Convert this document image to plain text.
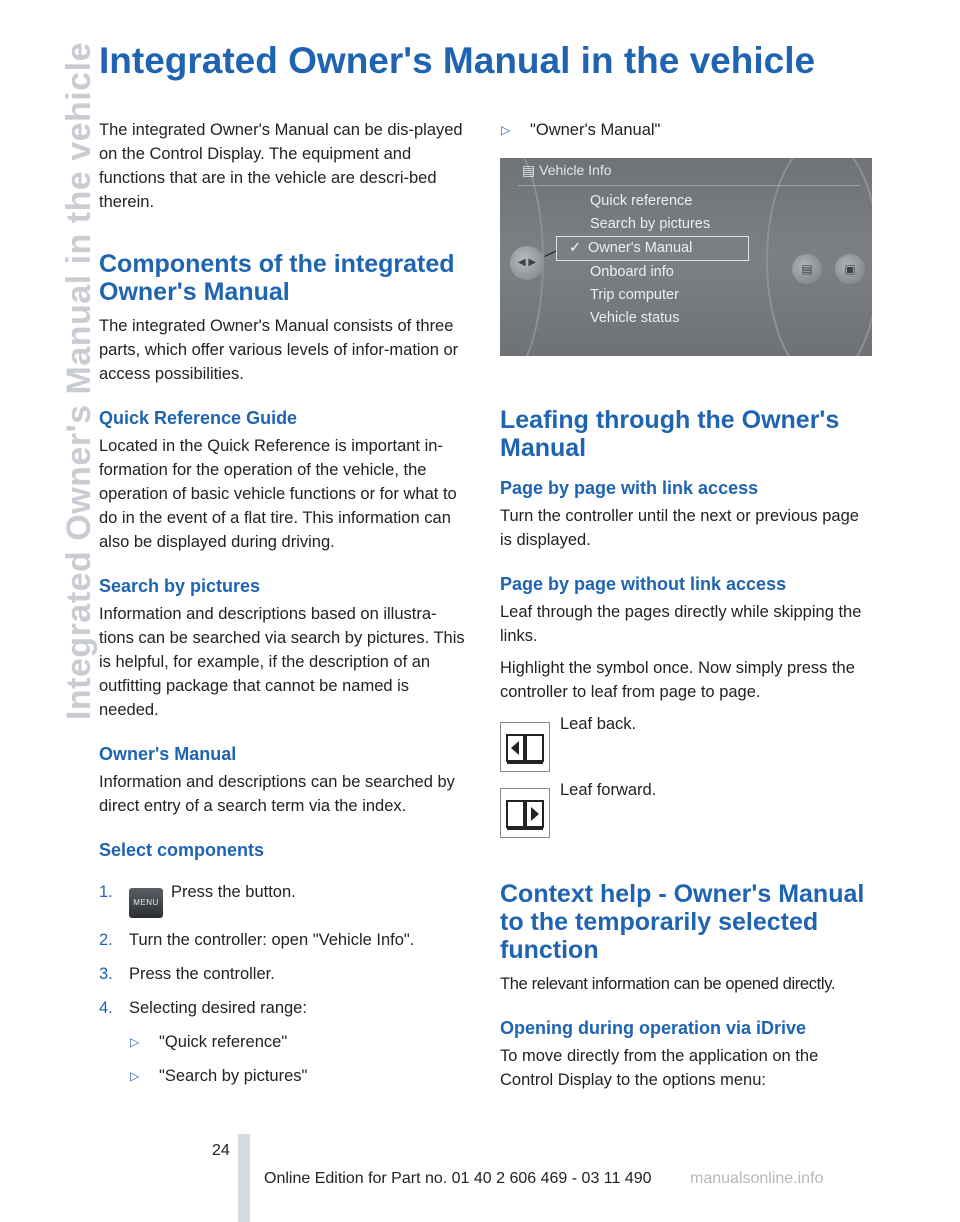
Integrated Owner's Manual in the vehicle Integrated Owner's Manual in the vehicle

The integrated Owner's Manual can be dis-played on the Control Display. The equipment and functions that are in the vehicle are descri-bed therein.

Components of the integrated Owner's Manual

The integrated Owner's Manual consists of three parts, which offer various levels of infor-mation or access possibilities.

Quick Reference Guide

Located in the Quick Reference is important in-formation for the operation of the vehicle, the operation of basic vehicle functions or for what to do in the event of a flat tire. This information can also be displayed during driving.

Search by pictures

Information and descriptions based on illustra-tions can be searched via search by pictures. This is helpful, for example, if the description of an outfitting package that cannot be named is needed.

Owner's Manual

Information and descriptions can be searched by direct entry of a search term via the index.

Select components
1.
MENUPress the button.
2. Turn the controller: open "Vehicle Info".
3. Press the controller.
4. Selecting desired range:
▷ "Quick reference"
▷ "Search by pictures"
▷ "Owner's Manual"
▤ Vehicle Info
◀ ▶	▤	▣
Quick reference
Search by pictures
✓ Owner's Manual
Onboard info
Trip computer
Vehicle status
Leafing through the Owner's Manual
Page by page with link access

Turn the controller until the next or previous page is displayed.

Page by page without link access

Leaf through the pages directly while skipping the links.

Highlight the symbol once. Now simply press the controller to leaf from page to page.

Leaf back.
Leaf forward.
Context help - Owner's Manual to the temporarily selected function

The relevant information can be opened directly.

Opening during operation via iDrive

To move directly from the application on the Control Display to the options menu:

24
Online Edition for Part no. 01 40 2 606 469 - 03 11 490 manualsonline.info
